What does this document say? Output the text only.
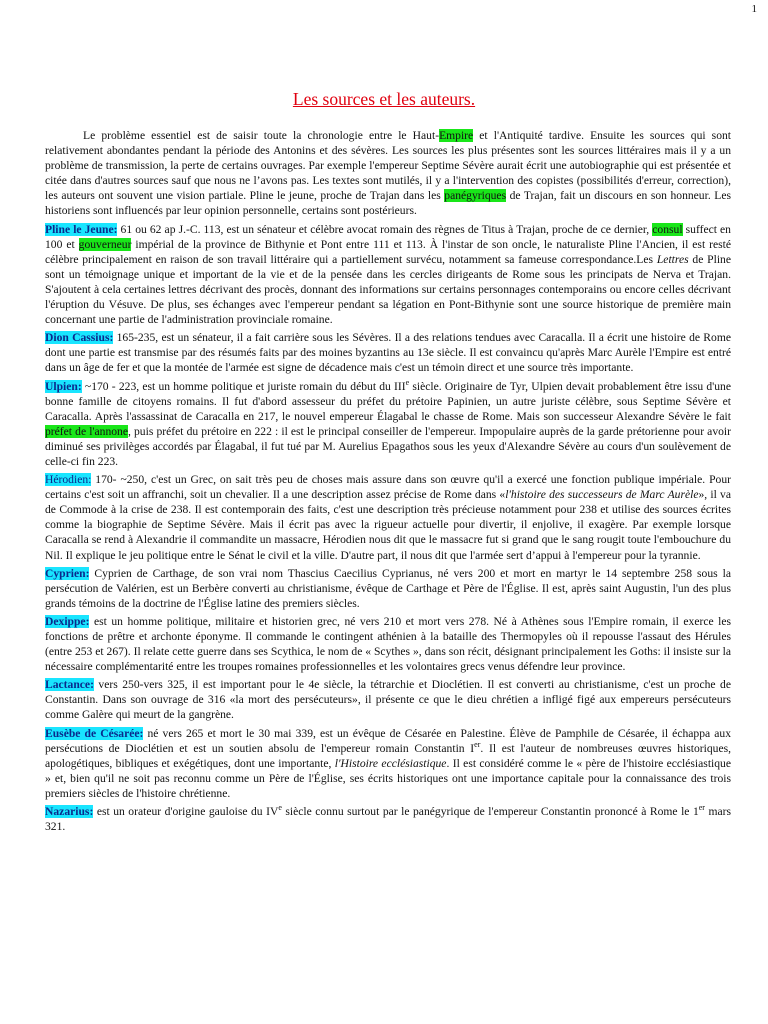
1
Les sources et les auteurs.

Le problème essentiel est de saisir toute la chronologie entre le Haut-Empire et l'Antiquité tardive. Ensuite les sources qui sont relativement abondantes pendant la période des Antonins et des sévères. Les sources les plus présentes sont les sources littéraires mais il y a un problème de transmission, la perte de certains ouvrages. Par exemple l'empereur Septime Sévère aurait écrit une autobiographie qui est présentée et citée dans d'autres sources sauf que nous ne l’avons pas. Les textes sont mutilés, il y a l'intervention des copistes (possibilités d'erreur, correction), les auteurs ont souvent une vision partiale. Pline le jeune, proche de Trajan dans les panégyriques de Trajan, fait un discours en son honneur. Les historiens sont influencés par leur opinion personnelle, certains sont postérieurs.

Pline le Jeune: 61 ou 62 ap J.-C. 113, est un sénateur et célèbre avocat romain des règnes de Titus à Trajan, proche de ce dernier, consul suffect en 100 et gouverneur impérial de la province de Bithynie et Pont entre 111 et 113. À l'instar de son oncle, le naturaliste Pline l'Ancien, il est resté célèbre principalement en raison de son travail littéraire qui a partiellement survécu, notamment sa fameuse correspondance.Les Lettres de Pline sont un témoignage unique et important de la vie et de la pensée dans les cercles dirigeants de Rome sous les principats de Nerva et Trajan. S'ajoutent à cela certaines lettres décrivant des procès, donnant des informations sur certains personnages contemporains ou encore celles décrivant l'éruption du Vésuve. De plus, ses échanges avec l'empereur pendant sa légation en Pont-Bithynie sont une source historique de première main concernant une partie de l'administration provinciale romaine.

Dion Cassius: 165-235, est un sénateur, il a fait carrière sous les Sévères. Il a des relations tendues avec Caracalla. Il a écrit une histoire de Rome dont une partie est transmise par des résumés faits par des moines byzantins au 13e siècle. Il est convaincu qu'après Marc Aurèle l'Empire est entré dans un âge de fer et que la montée de l'armée est signe de décadence mais c'est un témoin direct et une source très importante.

Ulpien: ~170 - 223, est un homme politique et juriste romain du début du IIIe siècle. Originaire de Tyr, Ulpien devait probablement être issu d'une bonne famille de citoyens romains. Il fut d'abord assesseur du préfet du prétoire Papinien, un autre juriste célèbre, sous Septime Sévère et Caracalla. Après l'assassinat de Caracalla en 217, le nouvel empereur Élagabal le chasse de Rome. Mais son successeur Alexandre Sévère le fait préfet de l'annone, puis préfet du prétoire en 222 : il est le principal conseiller de l'empereur. Impopulaire auprès de la garde prétorienne pour avoir diminué ses privilèges accordés par Élagabal, il fut tué par M. Aurelius Epagathos sous les yeux d'Alexandre Sévère au cours d'un soulèvement de celle-ci fin 223.

Hérodien: 170- ~250, c'est un Grec, on sait très peu de choses mais assure dans son œuvre qu'il a exercé une fonction publique impériale. Pour certains c'est soit un affranchi, soit un chevalier. Il a une description assez précise de Rome dans «l'histoire des successeurs de Marc Aurèle», il va de Commode à la crise de 238. Il est contemporain des faits, c'est une description très précieuse notamment pour 238 et utilise des sources écrites comme la biographie de Septime Sévère. Mais il écrit pas avec la rigueur actuelle pour divertir, il enjolive, il exagère. Par exemple lorsque Caracalla se rend à Alexandrie il commandite un massacre, Hérodien nous dit que le massacre fut si grand que le sang rougit toute l'embouchure du Nil. Il explique le jeu politique entre le Sénat le civil et la ville. D'autre part, il nous dit que l'armée sert d’appui à l'empereur pour la tyrannie.

Cyprien: Cyprien de Carthage, de son vrai nom Thascius Caecilius Cyprianus, né vers 200 et mort en martyr le 14 septembre 258 sous la persécution de Valérien, est un Berbère converti au christianisme, évêque de Carthage et Père de l'Église. Il est, après saint Augustin, l'un des plus grands témoins de la doctrine de l'Église latine des premiers siècles.

Dexippe: est un homme politique, militaire et historien grec, né vers 210 et mort vers 278. Né à Athènes sous l'Empire romain, il exerce les fonctions de prêtre et archonte éponyme. Il commande le contingent athénien à la bataille des Thermopyles où il repousse l'assaut des Hérules (entre 253 et 267). Il relate cette guerre dans ses Scythica, le nom de « Scythes », dans son récit, désignant principalement les Goths: il insiste sur la nécessaire complémentarité entre les troupes romaines professionnelles et les volontaires grecs venus défendre leur province.

Lactance: vers 250-vers 325, il est important pour le 4e siècle, la tétrarchie et Dioclétien. Il est converti au christianisme, c'est un proche de Constantin. Dans son ouvrage de 316 «la mort des persécuteurs», il présente ce que le dieu chrétien a infligé figé aux empereurs persécuteurs comme Galère qui meurt de la gangrène.

Eusèbe de Césarée: né vers 265 et mort le 30 mai 339, est un évêque de Césarée en Palestine. Élève de Pamphile de Césarée, il échappa aux persécutions de Dioclétien et est un soutien absolu de l'empereur romain Constantin Ier. Il est l'auteur de nombreuses œuvres historiques, apologétiques, bibliques et exégétiques, dont une importante, l'Histoire ecclésiastique. Il est considéré comme le « père de l'histoire ecclésiastique » et, bien qu'il ne soit pas reconnu comme un Père de l'Église, ses écrits historiques ont une importance capitale pour la connaissance des trois premiers siècles de l'histoire chrétienne.

Nazarius: est un orateur d'origine gauloise du IVe siècle connu surtout par le panégyrique de l'empereur Constantin prononcé à Rome le 1er mars 321.
